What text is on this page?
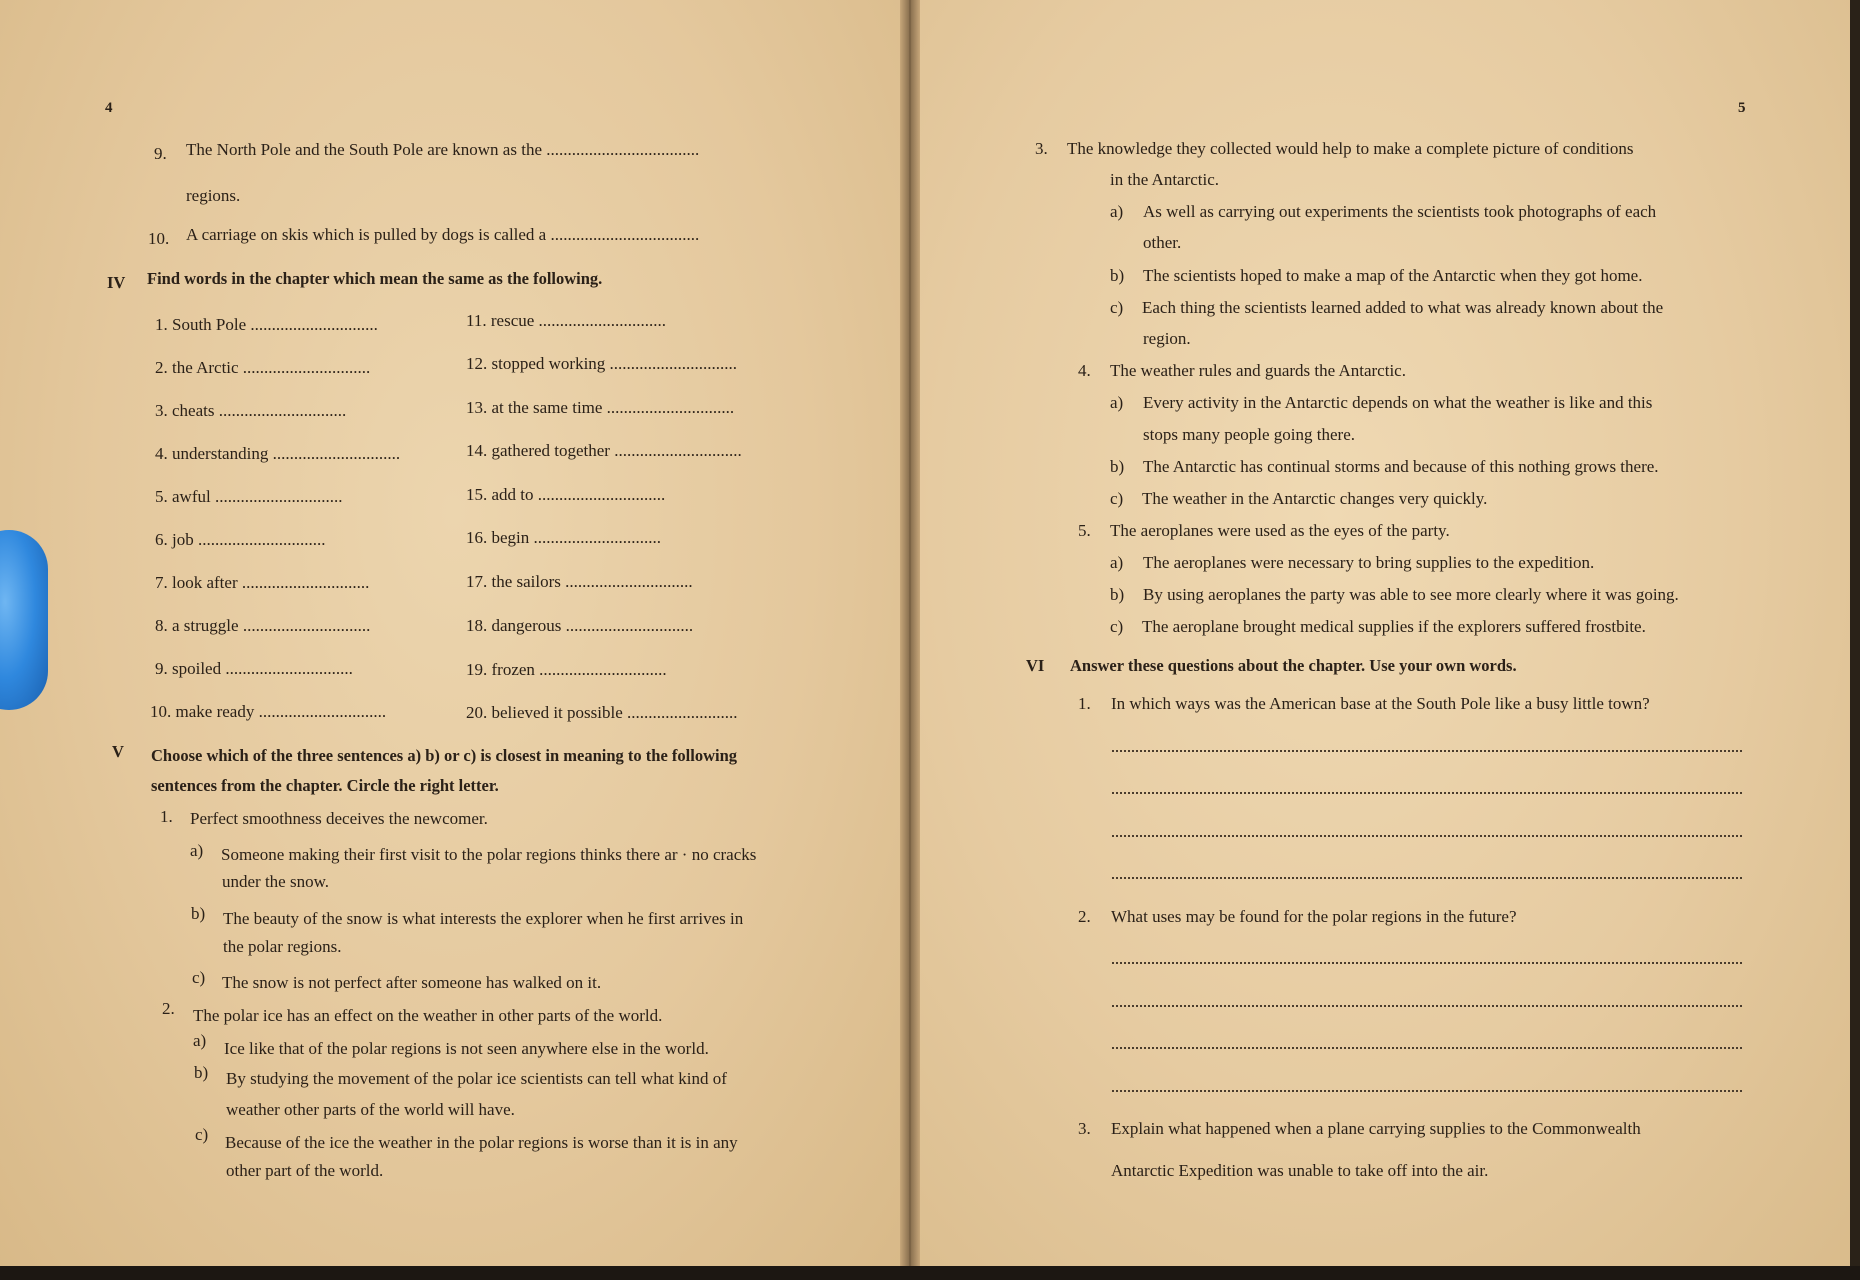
4
9. The North Pole and the South Pole are known as the ....................................
regions.
10. A carriage on skis which is pulled by dogs is called a ...................................
IV Find words in the chapter which mean the same as the following.
1. South Pole ..............................
2. the Arctic ..............................
3. cheats ..............................
4. understanding ..............................
5. awful ..............................
6. job ..............................
7. look after ..............................
8. a struggle ..............................
9. spoiled ..............................
10. make ready ..............................
11. rescue ..............................
12. stopped working ..............................
13. at the same time ..............................
14. gathered together ..............................
15. add to ..............................
16. begin ..............................
17. the sailors ..............................
18. dangerous ..............................
19. frozen ..............................
20. believed it possible ..........................
V Choose which of the three sentences a) b) or c) is closest in meaning to the following
sentences from the chapter. Circle the right letter.
1. Perfect smoothness deceives the newcomer.
a) Someone making their first visit to the polar regions thinks there ar · no cracks
under the snow.
b) The beauty of the snow is what interests the explorer when he first arrives in
the polar regions.
c) The snow is not perfect after someone has walked on it.
2. The polar ice has an effect on the weather in other parts of the world.
a) Ice like that of the polar regions is not seen anywhere else in the world.
b) By studying the movement of the polar ice scientists can tell what kind of
weather other parts of the world will have.
c) Because of the ice the weather in the polar regions is worse than it is in any
other part of the world.
5
3. The knowledge they collected would help to make a complete picture of conditions
in the Antarctic.
a) As well as carrying out experiments the scientists took photographs of each
other.
b) The scientists hoped to make a map of the Antarctic when they got home.
c) Each thing the scientists learned added to what was already known about the
region.
4. The weather rules and guards the Antarctic.
a) Every activity in the Antarctic depends on what the weather is like and this
stops many people going there.
b) The Antarctic has continual storms and because of this nothing grows there.
c) The weather in the Antarctic changes very quickly.
5. The aeroplanes were used as the eyes of the party.
a) The aeroplanes were necessary to bring supplies to the expedition.
b) By using aeroplanes the party was able to see more clearly where it was going.
c) The aeroplane brought medical supplies if the explorers suffered frostbite.
VI Answer these questions about the chapter. Use your own words.
1. In which ways was the American base at the South Pole like a busy little town?
2. What uses may be found for the polar regions in the future?
3. Explain what happened when a plane carrying supplies to the Commonwealth
Antarctic Expedition was unable to take off into the air.
